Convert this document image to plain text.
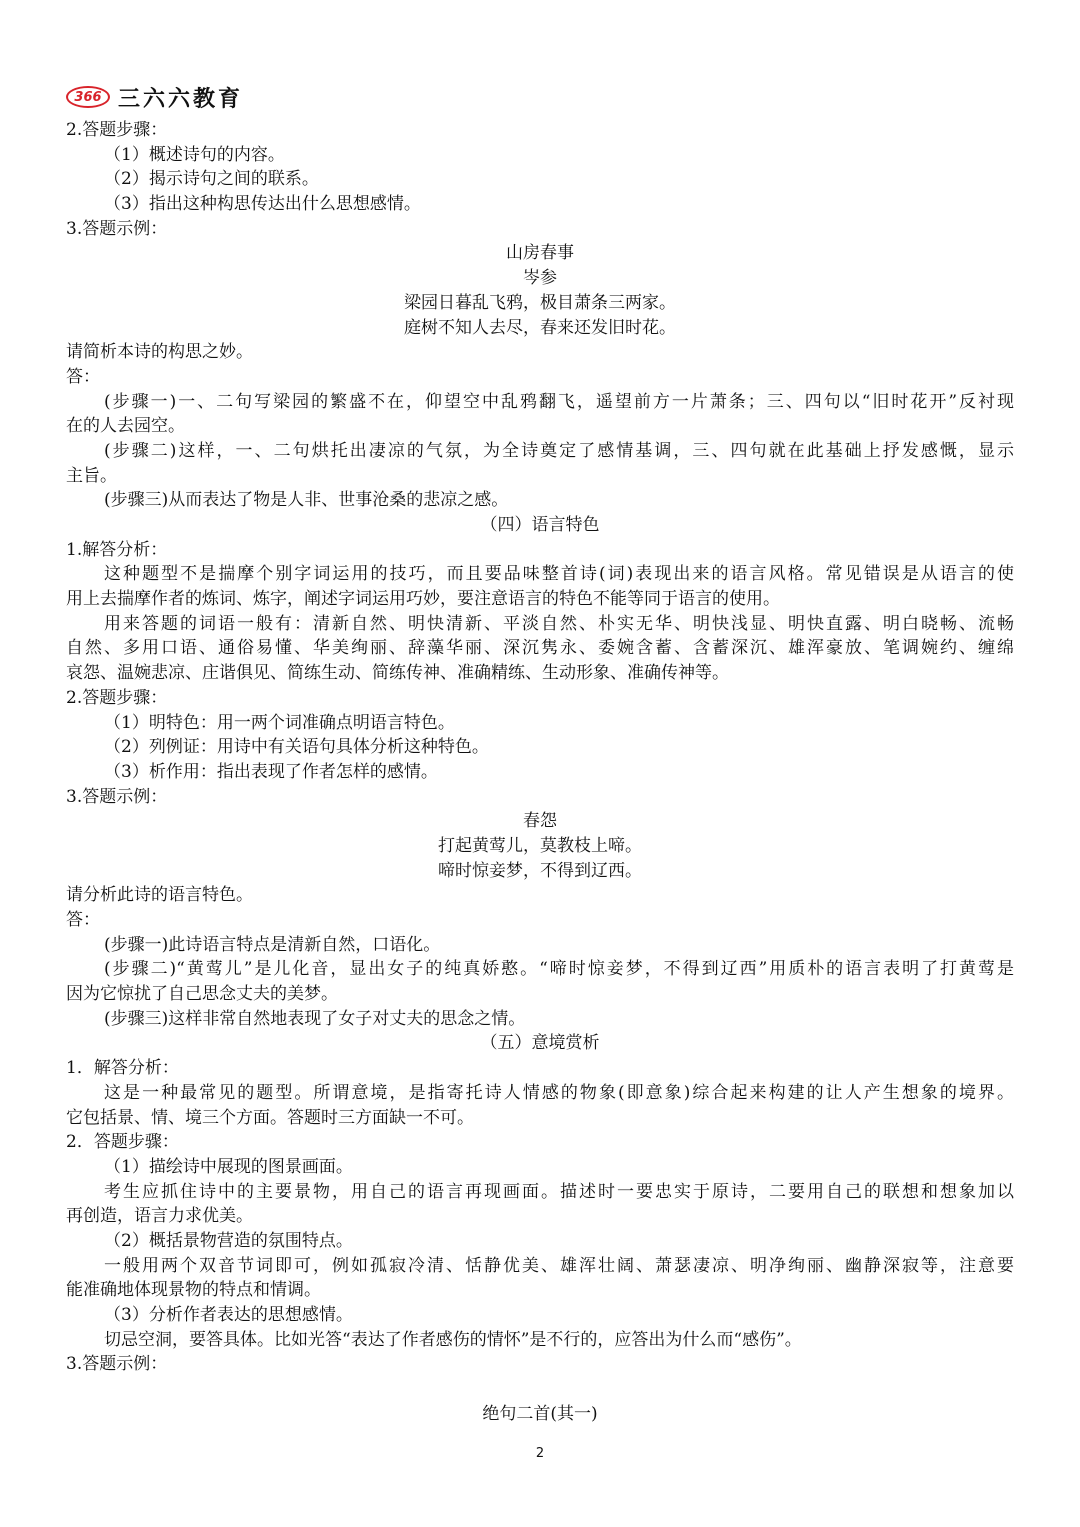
366 三六六教育
2.答题步骤：
（1）概述诗句的内容。
（2）揭示诗句之间的联系。
（3）指出这种构思传达出什么思想感情。
3.答题示例：
山房春事
岑参
梁园日暮乱飞鸦，极目萧条三两家。
庭树不知人去尽，春来还发旧时花。
请简析本诗的构思之妙。
答：
(步骤一)一、二句写梁园的繁盛不在，仰望空中乱鸦翻飞，遥望前方一片萧条；三、四句以“旧时花开”反衬现
在的人去园空。
(步骤二)这样，一、二句烘托出凄凉的气氛，为全诗奠定了感情基调，三、四句就在此基础上抒发感慨，显示
主旨。
(步骤三)从而表达了物是人非、世事沧桑的悲凉之感。
（四）语言特色
1.解答分析：
这种题型不是揣摩个别字词运用的技巧，而且要品味整首诗(词)表现出来的语言风格。常见错误是从语言的使
用上去揣摩作者的炼词、炼字，阐述字词运用巧妙，要注意语言的特色不能等同于语言的使用。
用来答题的词语一般有：清新自然、明快清新、平淡自然、朴实无华、明快浅显、明快直露、明白晓畅、流畅
自然、多用口语、通俗易懂、华美绚丽、辞藻华丽、深沉隽永、委婉含蓄、含蓄深沉、雄浑豪放、笔调婉约、缠绵
哀怨、温婉悲凉、庄谐俱见、简练生动、简练传神、准确精练、生动形象、准确传神等。
2.答题步骤：
（1）明特色：用一两个词准确点明语言特色。
（2）列例证：用诗中有关语句具体分析这种特色。
（3）析作用：指出表现了作者怎样的感情。
3.答题示例：
春怨
打起黄莺儿，莫教枝上啼。
啼时惊妾梦，不得到辽西。
请分析此诗的语言特色。
答：
(步骤一)此诗语言特点是清新自然，口语化。
(步骤二)“黄莺儿”是儿化音，显出女子的纯真娇憨。“啼时惊妾梦，不得到辽西”用质朴的语言表明了打黄莺是
因为它惊扰了自己思念丈夫的美梦。
(步骤三)这样非常自然地表现了女子对丈夫的思念之情。
（五）意境赏析
1．解答分析：
这是一种最常见的题型。所谓意境，是指寄托诗人情感的物象(即意象)综合起来构建的让人产生想象的境界。
它包括景、情、境三个方面。答题时三方面缺一不可。
2．答题步骤：
（1）描绘诗中展现的图景画面。
考生应抓住诗中的主要景物，用自己的语言再现画面。描述时一要忠实于原诗，二要用自己的联想和想象加以
再创造，语言力求优美。
（2）概括景物营造的氛围特点。
一般用两个双音节词即可，例如孤寂冷清、恬静优美、雄浑壮阔、萧瑟凄凉、明净绚丽、幽静深寂等，注意要
能准确地体现景物的特点和情调。
（3）分析作者表达的思想感情。
切忌空洞，要答具体。比如光答“表达了作者感伤的情怀”是不行的，应答出为什么而“感伤”。
3.答题示例：
绝句二首(其一)
2
